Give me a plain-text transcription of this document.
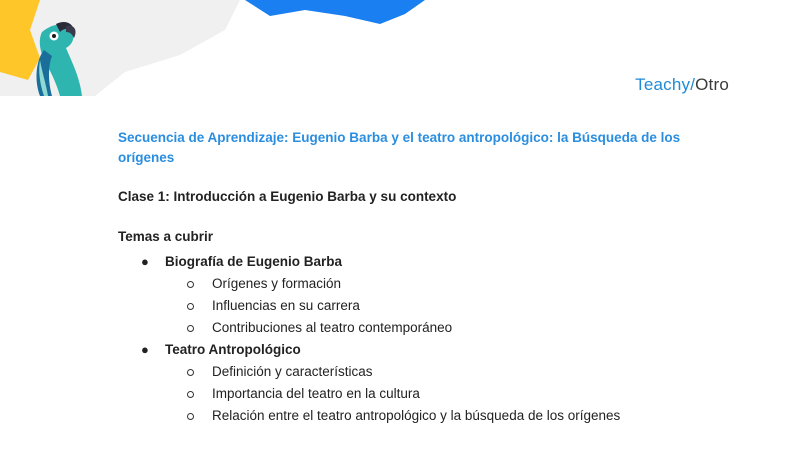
Teachy/Otro

Secuencia de Aprendizaje: Eugenio Barba y el teatro antropológico: la Búsqueda de los orígenes

Clase 1: Introducción a Eugenio Barba y su contexto
Temas a cubrir
● Biografía de Eugenio Barba
Orígenes y formación
Influencias en su carrera
Contribuciones al teatro contemporáneo
● Teatro Antropológico
Definición y características
Importancia del teatro en la cultura
Relación entre el teatro antropológico y la búsqueda de los orígenes
